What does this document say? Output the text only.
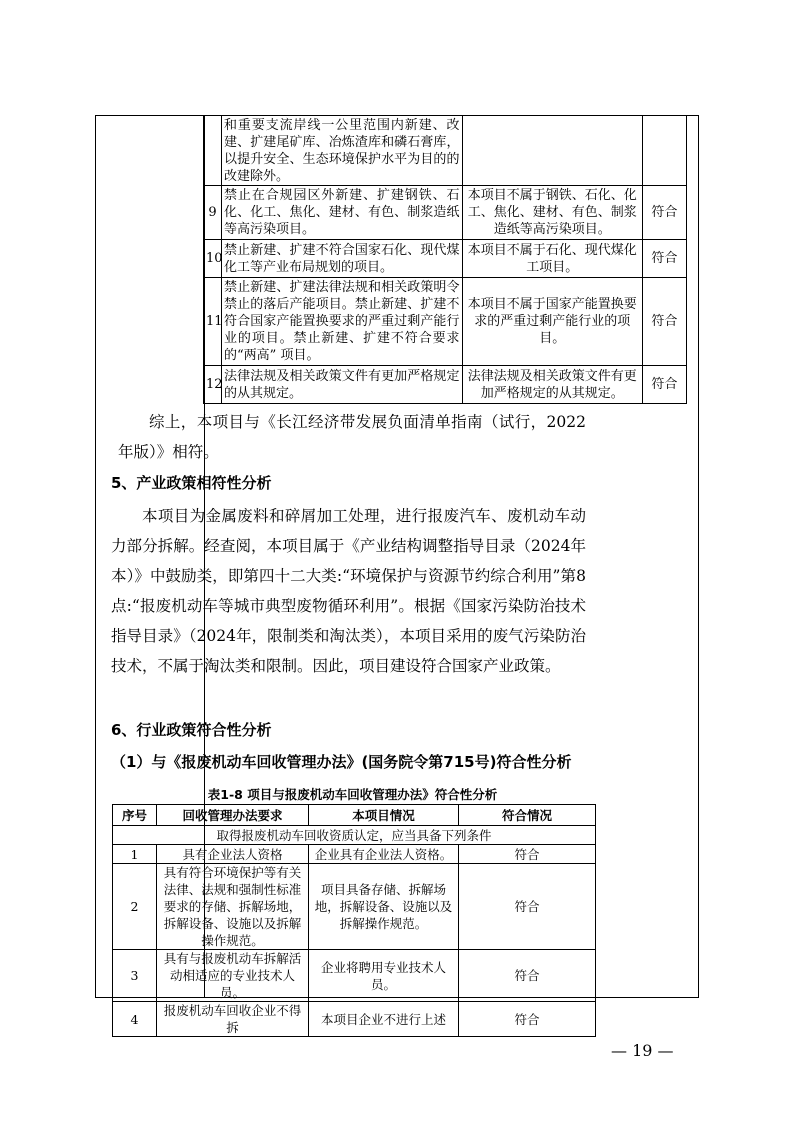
	和重要支流岸线一公里范围内新建、改建、扩建尾矿库、冶炼渣库和磷石膏库，以提升安全、生态环境保护水平为目的的改建除外。		
9	禁止在合规园区外新建、扩建钢铁、石化、化工、焦化、建材、有色、制浆造纸等高污染项目。	本项目不属于钢铁、石化、化工、焦化、建材、有色、制浆造纸等高污染项目。	符合
10	禁止新建、扩建不符合国家石化、现代煤化工等产业布局规划的项目。	本项目不属于石化、现代煤化工项目。	符合
11	禁止新建、扩建法律法规和相关政策明令禁止的落后产能项目。禁止新建、扩建不符合国家产能置换要求的严重过剩产能行业的项目。禁止新建、扩建不符合要求的“两高” 项目。	本项目不属于国家产能置换要求的严重过剩产能行业的项目。	符合
12	法律法规及相关政策文件有更加严格规定的从其规定。	法律法规及相关政策文件有更加严格规定的从其规定。	符合
综上，本项目与《长江经济带发展负面清单指南（试行，2022 年版）》相符。
5、产业政策相符性分析
本项目为金属废料和碎屑加工处理，进行报废汽车、废机动车动力部分拆解。经查阅，本项目属于《产业结构调整指导目录（2024年本）》中鼓励类，即第四十二大类:“环境保护与资源节约综合利用”第8点:“报废机动车等城市典型废物循环利用”。根据《国家污染防治技术指导目录》（2024年，限制类和淘汰类），本项目采用的废气污染防治技术，不属于淘汰类和限制。因此，项目建设符合国家产业政策。
6、行业政策符合性分析
（1）与《报废机动车回收管理办法》(国务院令第715号)符合性分析
表1-8 项目与报废机动车回收管理办法》符合性分析
序号	回收管理办法要求	本项目情况	符合情况
取得报废机动车回收资质认定，应当具备下列条件			
1	具有企业法人资格	企业具有企业法人资格。	符合
2	具有符合环境保护等有关法律、法规和强制性标准要求的存储、拆解场地，拆解设备、设施以及拆解操作规范。	项目具备存储、拆解场地，拆解设备、设施以及拆解操作规范。	符合
3	具有与报废机动车拆解活动相适应的专业技术人员。	企业将聘用专业技术人员。	符合
4	报废机动车回收企业不得拆	本项目企业不进行上述	符合
— 19 —
